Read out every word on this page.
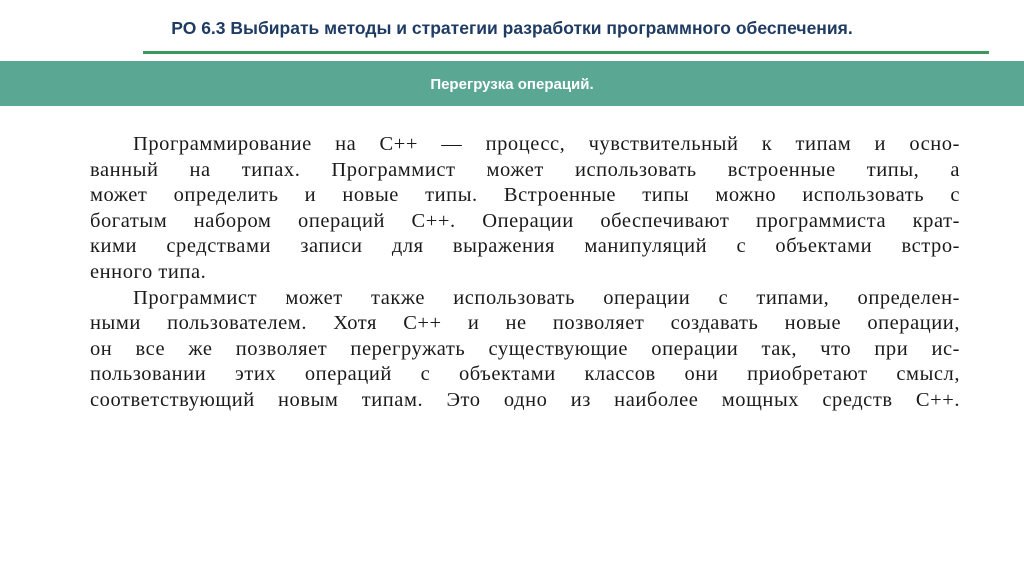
РО 6.3 Выбирать методы и стратегии разработки программного обеспечения.
Перегрузка операций.
Программирование на С++ — процесс, чувствительный к типам и осно-
ванный на типах. Программист может использовать встроенные типы, а
может определить и новые типы. Встроенные типы можно использовать с
богатым набором операций С++. Операции обеспечивают программиста крат-
кими средствами записи для выражения манипуляций с объектами встро-
енного типа.
Программист может также использовать операции с типами, определен-
ными пользователем. Хотя С++ и не позволяет создавать новые операции,
он все же позволяет перегружать существующие операции так, что при ис-
пользовании этих операций с объектами классов они приобретают смысл,
соответствующий новым типам. Это одно из наиболее мощных средств С++.
